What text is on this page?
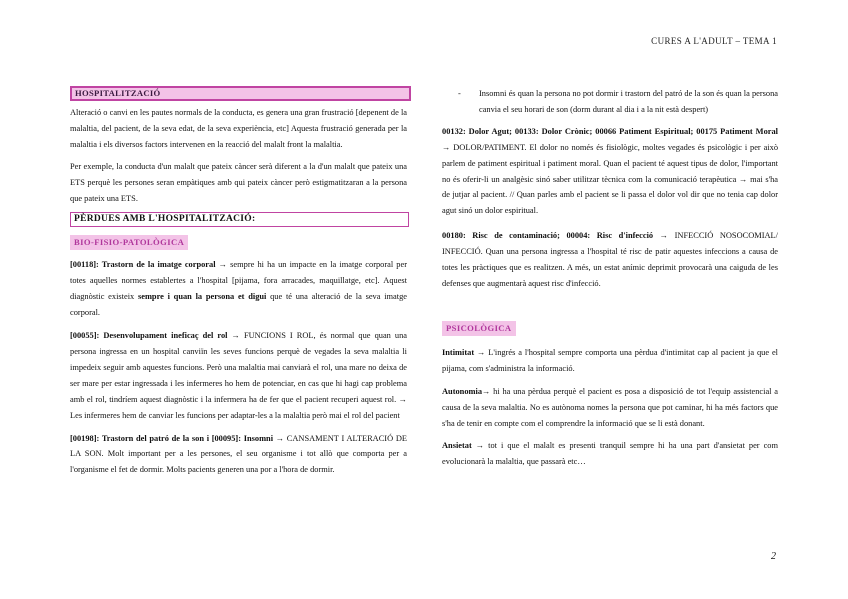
CURES A L'ADULT – TEMA 1
HOSPITALITZACIÓ

Alteració o canvi en les pautes normals de la conducta, es genera una gran frustració [depenent de la malaltia, del pacient, de la seva edat, de la seva experiència, etc] Aquesta frustració generada per la malaltia i els diversos factors intervenen en la reacció del malalt front la malaltia.

Per exemple, la conducta d'un malalt que pateix càncer serà diferent a la d'un malalt que pateix una ETS perquè les persones seran empàtiques amb qui pateix càncer però estigmatitzaran a la persona que pateix una ETS.

PÈRDUES AMB L'HOSPITALITZACIÓ:
BIO-FISIO-PATOLÒGICA

[00118]: Trastorn de la imatge corporal → sempre hi ha un impacte en la imatge corporal per totes aquelles normes establertes a l'hospital [pijama, fora arracades, maquillatge, etc]. Aquest diagnòstic existeix sempre i quan la persona et digui que té una alteració de la seva imatge corporal.

[00055]: Desenvolupament ineficaç del rol → FUNCIONS I ROL, és normal que quan una persona ingressa en un hospital canviïn les seves funcions perquè de vegades la seva malaltia li impedeix seguir amb aquestes funcions. Però una malaltia mai canviarà el rol, una mare no deixa de ser mare per estar ingressada i les infermeres ho hem de potenciar, en cas que hi hagi cap problema amb el rol, tindríem aquest diagnòstic i la infermera ha de fer que el pacient recuperi aquest rol. → Les infermeres hem de canviar les funcions per adaptar-les a la malaltia però mai el rol del pacient

[00198]: Trastorn del patró de la son i [00095]: Insomni → CANSAMENT I ALTERACIÓ DE LA SON. Molt important per a les persones, el seu organisme i tot allò que comporta per a l'organisme el fet de dormir. Molts pacients generen una por a l'hora de dormir.

- Insomni és quan la persona no pot dormir i trastorn del patró de la son és quan la persona canvia el seu horari de son (dorm durant al dia i a la nit està despert)

00132: Dolor Agut; 00133: Dolor Crònic; 00066 Patiment Espiritual; 00175 Patiment Moral → DOLOR/PATIMENT. El dolor no només és fisiològic, moltes vegades és psicològic i per això parlem de patiment espiritual i patiment moral. Quan el pacient té aquest tipus de dolor, l'important no és oferir-li un analgèsic sinó saber utilitzar tècnica com la comunicació terapèutica → mai s'ha de jutjar al pacient. // Quan parles amb el pacient se li passa el dolor vol dir que no tenia cap dolor agut sinó un dolor espiritual.

00180: Risc de contaminació; 00004: Risc d'infecció → INFECCIÓ NOSOCOMIAL/ INFECCIÓ. Quan una persona ingressa a l'hospital té risc de patir aquestes infeccions a causa de totes les pràctiques que es realitzen. A més, un estat anímic deprimit provocarà una caiguda de les defenses que augmentarà aquest risc d'infecció.

PSICOLÒGICA

Intimitat → L'ingrés a l'hospital sempre comporta una pèrdua d'intimitat cap al pacient ja que el pijama, com s'administra la informació.

Autonomia→ hi ha una pèrdua perquè el pacient es posa a disposició de tot l'equip assistencial a causa de la seva malaltia. No es autònoma nomes la persona que pot caminar, hi ha més factors que s'ha de tenir en compte com el comprendre la informació que se li està donant.

Ansietat → tot i que el malalt es presenti tranquil sempre hi ha una part d'ansietat per com evolucionarà la malaltia, que passarà etc…

2
